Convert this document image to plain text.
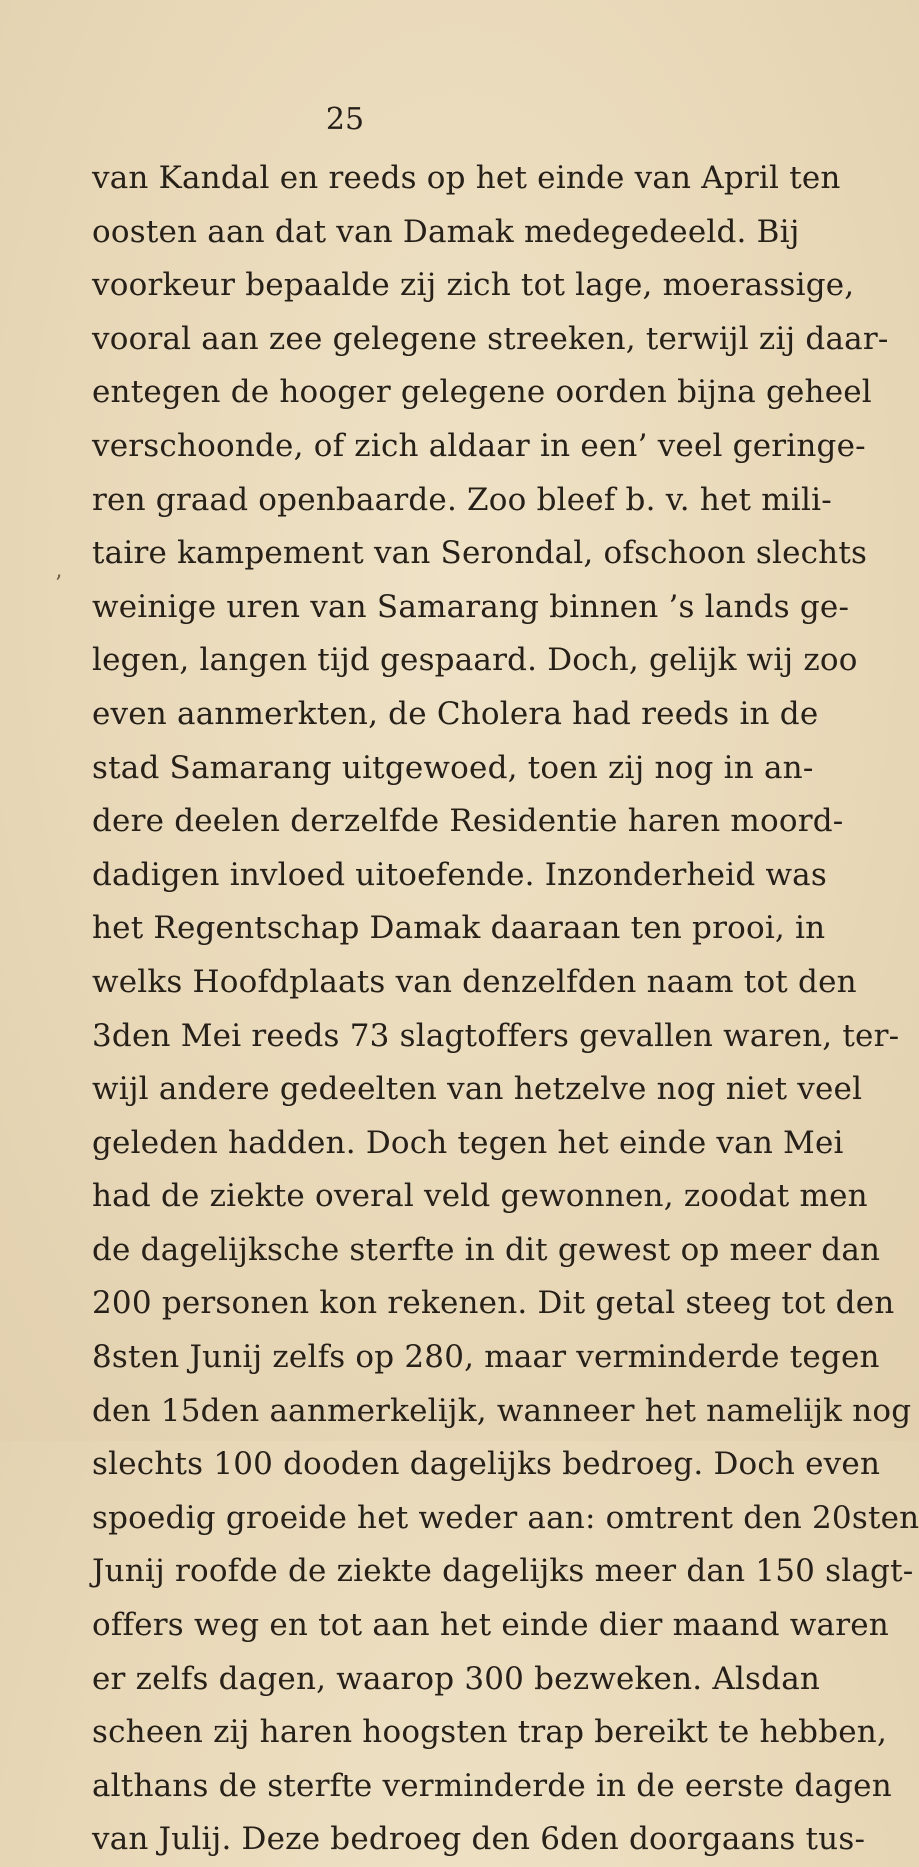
25
van Kandal en reeds op het einde van April ten
oosten aan dat van Damak medegedeeld. Bij
voorkeur bepaalde zij zich tot lage, moerassige,
vooral aan zee gelegene streeken, terwijl zij daar-
entegen de hooger gelegene oorden bijna geheel
verschoonde, of zich aldaar in een’ veel geringe-
ren graad openbaarde. Zoo bleef b. v. het mili-
taire kampement van Serondal, ofschoon slechts
weinige uren van Samarang binnen ’s lands ge-
legen, langen tijd gespaard. Doch, gelijk wij zoo
even aanmerkten, de Cholera had reeds in de
stad Samarang uitgewoed, toen zij nog in an-
dere deelen derzelfde Residentie haren moord-
dadigen invloed uitoefende. Inzonderheid was
het Regentschap Damak daaraan ten prooi, in
welks Hoofdplaats van denzelfden naam tot den
3den Mei reeds 73 slagtoffers gevallen waren, ter-
wijl andere gedeelten van hetzelve nog niet veel
geleden hadden. Doch tegen het einde van Mei
had de ziekte overal veld gewonnen, zoodat men
de dagelijksche sterfte in dit gewest op meer dan
200 personen kon rekenen. Dit getal steeg tot den
8sten Junij zelfs op 280, maar verminderde tegen
den 15den aanmerkelijk, wanneer het namelijk nog
slechts 100 dooden dagelijks bedroeg. Doch even
spoedig groeide het weder aan: omtrent den 20sten
Junij roofde de ziekte dagelijks meer dan 150 slagt-
offers weg en tot aan het einde dier maand waren
er zelfs dagen, waarop 300 bezweken. Alsdan
scheen zij haren hoogsten trap bereikt te hebben,
althans de sterfte verminderde in de eerste dagen
van Julij. Deze bedroeg den 6den doorgaans tus-
’
